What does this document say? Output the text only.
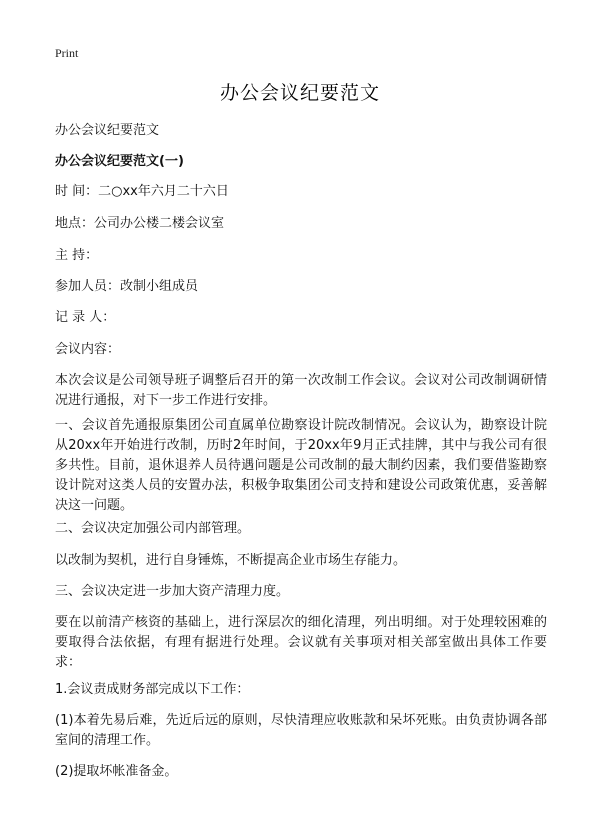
Print
办公会议纪要范文
办公会议纪要范文
办公会议纪要范文(一)
时 间：二○xx年六月二十六日
地点：公司办公楼二楼会议室
主 持：
参加人员：改制小组成员
记 录 人：
会议内容：
本次会议是公司领导班子调整后召开的第一次改制工作会议。会议对公司改制调研情况进行通报，对下一步工作进行安排。
一、会议首先通报原集团公司直属单位勘察设计院改制情况。会议认为，勘察设计院从20xx年开始进行改制，历时2年时间，于20xx年9月正式挂牌，其中与我公司有很多共性。目前，退休退养人员待遇问题是公司改制的最大制约因素，我们要借鉴勘察设计院对这类人员的安置办法，积极争取集团公司支持和建设公司政策优惠，妥善解决这一问题。
二、会议决定加强公司内部管理。
以改制为契机，进行自身锤炼，不断提高企业市场生存能力。
三、会议决定进一步加大资产清理力度。
要在以前清产核资的基础上，进行深层次的细化清理，列出明细。对于处理较困难的要取得合法依据，有理有据进行处理。会议就有关事项对相关部室做出具体工作要求：
1.会议责成财务部完成以下工作：
(1)本着先易后难，先近后远的原则，尽快清理应收账款和呆坏死账。由负责协调各部室间的清理工作。
(2)提取坏帐准备金。
